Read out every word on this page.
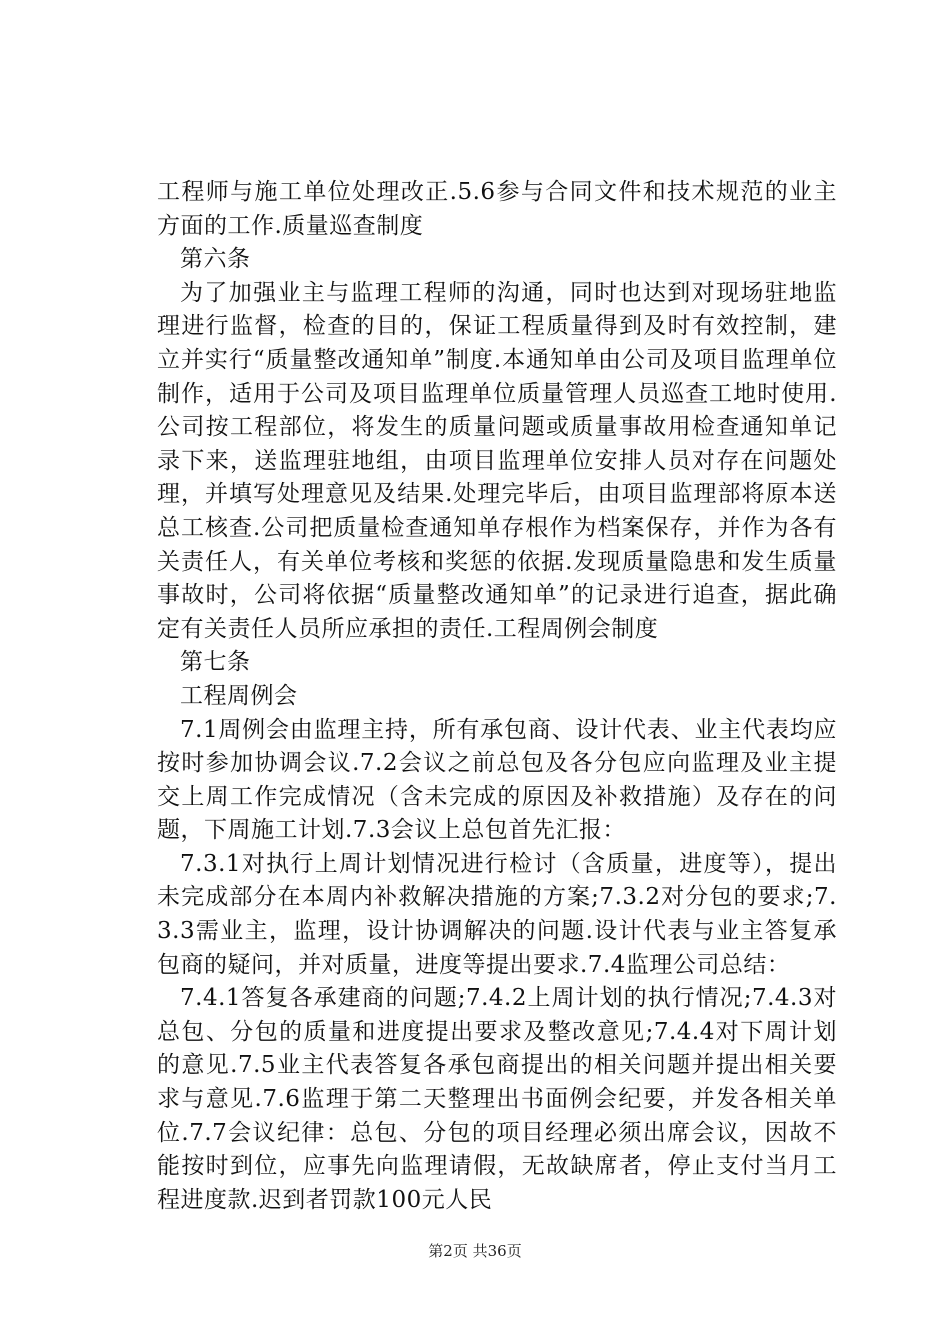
工程师与施工单位处理改正.5.6参与合同文件和技术规范的业主方面的工作.质量巡查制度

第六条

为了加强业主与监理工程师的沟通，同时也达到对现场驻地监理进行监督，检查的目的，保证工程质量得到及时有效控制，建立并实行“质量整改通知单”制度.本通知单由公司及项目监理单位制作，适用于公司及项目监理单位质量管理人员巡查工地时使用.公司按工程部位，将发生的质量问题或质量事故用检查通知单记录下来，送监理驻地组，由项目监理单位安排人员对存在问题处理，并填写处理意见及结果.处理完毕后，由项目监理部将原本送总工核查.公司把质量检查通知单存根作为档案保存，并作为各有关责任人，有关单位考核和奖惩的依据.发现质量隐患和发生质量事故时，公司将依据“质量整改通知单”的记录进行追查，据此确定有关责任人员所应承担的责任.工程周例会制度

第七条

工程周例会

7.1周例会由监理主持，所有承包商、设计代表、业主代表均应按时参加协调会议.7.2会议之前总包及各分包应向监理及业主提交上周工作完成情况（含未完成的原因及补救措施）及存在的问题，下周施工计划.7.3会议上总包首先汇报：

7.3.1对执行上周计划情况进行检讨（含质量，进度等），提出未完成部分在本周内补救解决措施的方案;7.3.2对分包的要求;7.3.3需业主，监理，设计协调解决的问题.设计代表与业主答复承包商的疑问，并对质量，进度等提出要求.7.4监理公司总结：

7.4.1答复各承建商的问题;7.4.2上周计划的执行情况;7.4.3对总包、分包的质量和进度提出要求及整改意见;7.4.4对下周计划的意见.7.5业主代表答复各承包商提出的相关问题并提出相关要求与意见.7.6监理于第二天整理出书面例会纪要，并发各相关单位.7.7会议纪律：总包、分包的项目经理必须出席会议，因故不能按时到位，应事先向监理请假，无故缺席者，停止支付当月工程进度款.迟到者罚款100元人民

第2页 共36页
